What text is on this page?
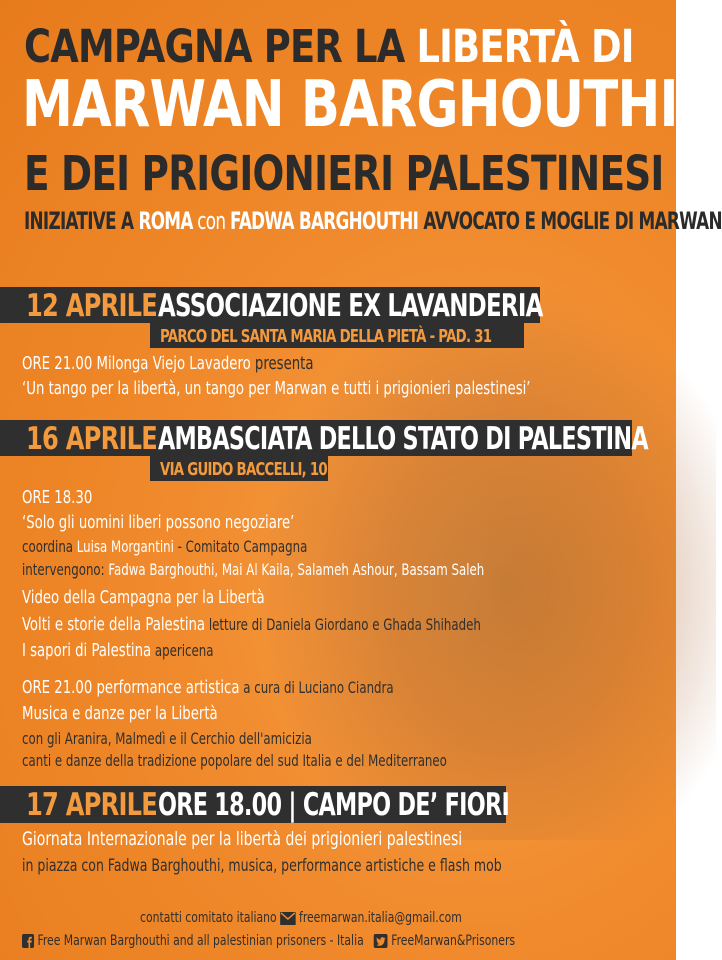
CAMPAGNA PER LA LIBERTÀ DI
MARWAN BARGHOUTHI
E DEI PRIGIONIERI PALESTINESI
INIZIATIVE A ROMA con FADWA BARGHOUTHI AVVOCATO E MOGLIE DI MARWAN
12 APRILE ASSOCIAZIONE EX LAVANDERIA
PARCO DEL SANTA MARIA DELLA PIETÀ - PAD. 31
ORE 21.00 Milonga Viejo Lavadero presenta
‘Un tango per la libertà, un tango per Marwan e tutti i prigionieri palestinesi’
16 APRILE AMBASCIATA DELLO STATO DI PALESTINA
VIA GUIDO BACCELLI, 10
ORE 18.30
‘Solo gli uomini liberi possono negoziare’
coordina Luisa Morgantini - Comitato Campagna
intervengono: Fadwa Barghouthi, Mai Al Kaila, Salameh Ashour, Bassam Saleh
Video della Campagna per la Libertà
Volti e storie della Palestina letture di Daniela Giordano e Ghada Shihadeh
I sapori di Palestina apericena
ORE 21.00 performance artistica a cura di Luciano Ciandra
Musica e danze per la Libertà
con gli Aranira, Malmedì e il Cerchio dell'amicizia
canti e danze della tradizione popolare del sud Italia e del Mediterraneo
17 APRILE ORE 18.00 | CAMPO DE’ FIORI
Giornata Internazionale per la libertà dei prigionieri palestinesi
in piazza con Fadwa Barghouthi, musica, performance artistiche e flash mob
contatti comitato italiano freemarwan.italia@gmail.com
Free Marwan Barghouthi and all palestinian prisoners - Italia FreeMarwan&Prisoners
